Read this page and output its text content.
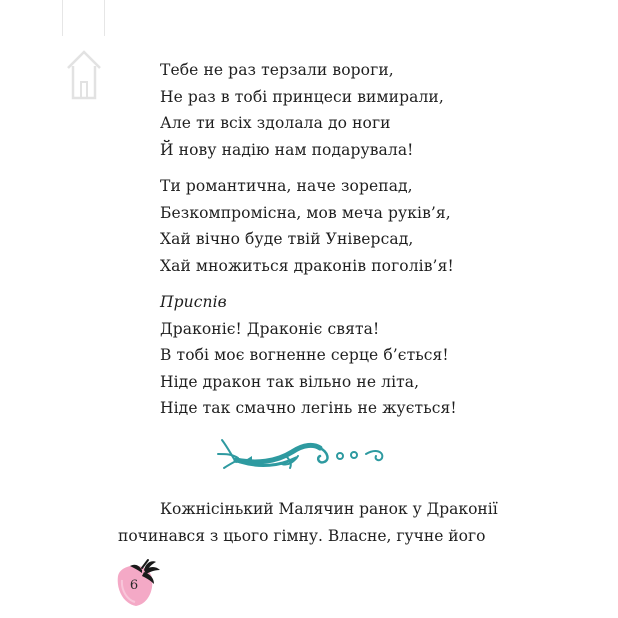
Тебе не раз терзали вороги,
Не раз в тобі принцеси вимирали,
Але ти всіх здолала до ноги
Й нову надію нам подарувала!
Ти романтична, наче зорепад,
Безкомпромісна, мов меча руків’я,
Хай вічно буде твій Універсад,
Хай множиться драконів поголів’я!
Приспів
Драконіє! Драконіє свята!
В тобі моє вогненне серце б’ється!
Ніде дракон так вільно не літа,
Ніде так смачно легінь не жується!
Кожнісінький Малячин ранок у Драконії
починався з цього гімну. Власне, гучне його
6
